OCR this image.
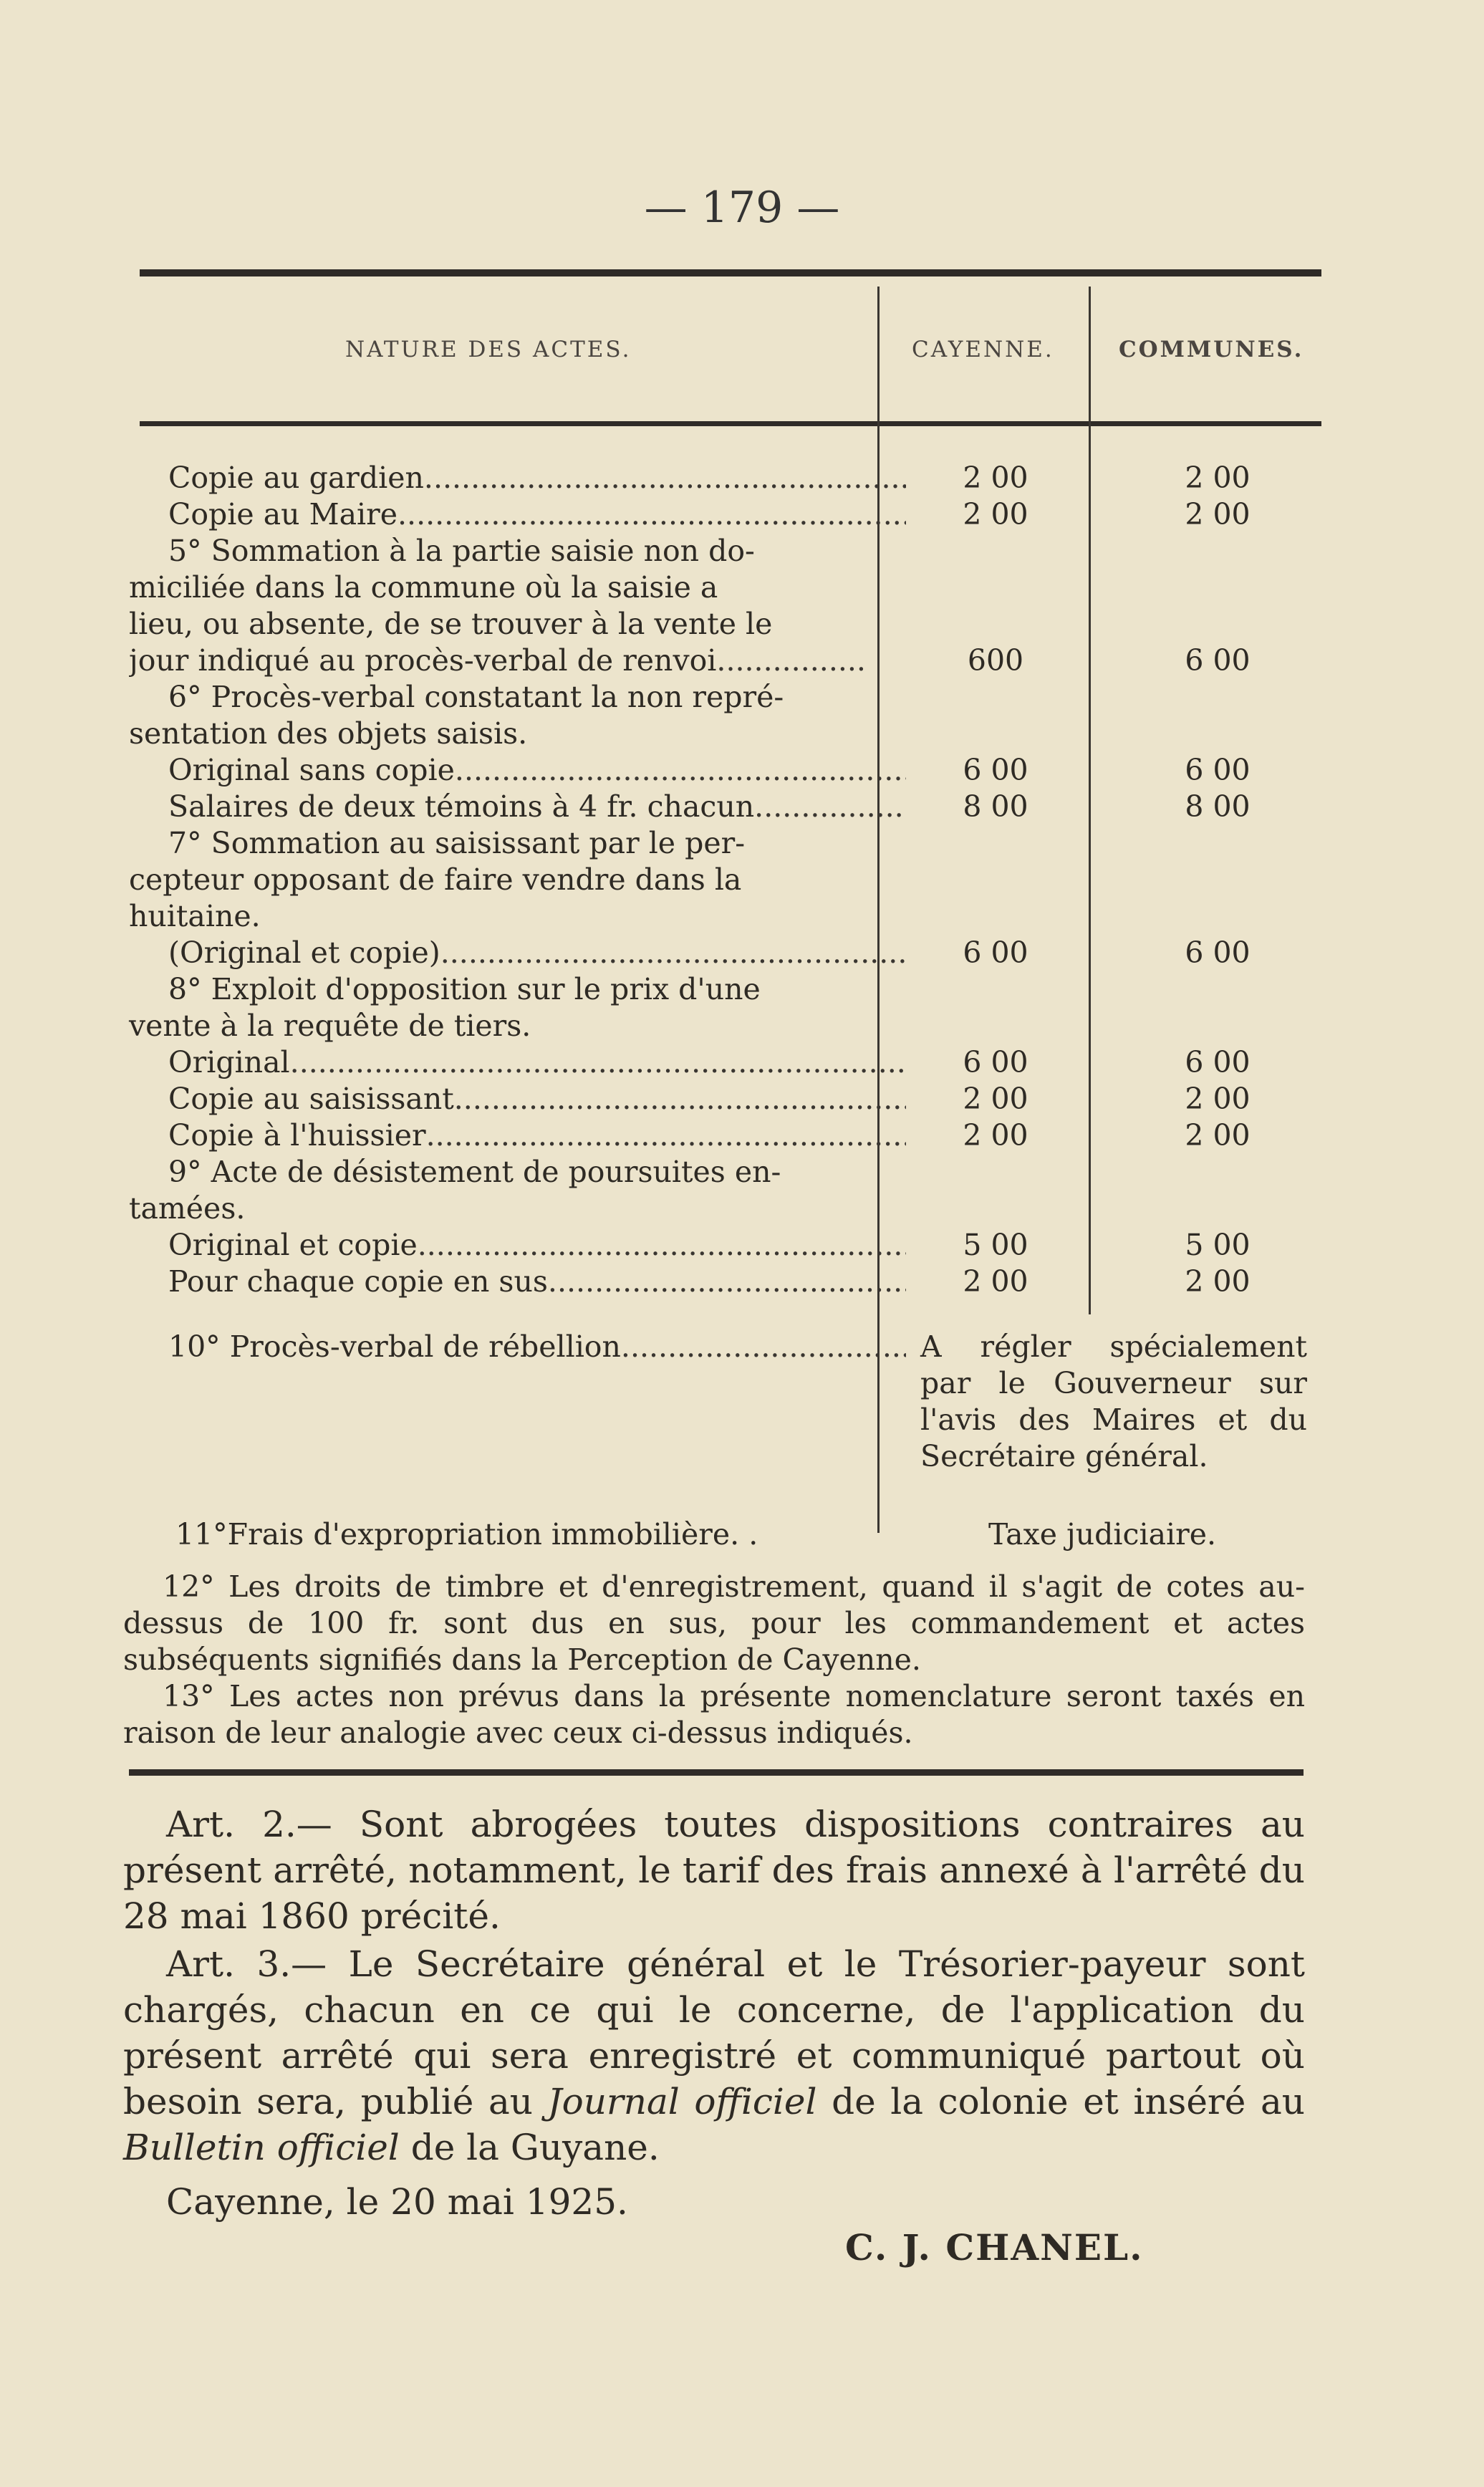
— 179 —
NATURE DES ACTES.	CAYENNE.	COMMUNES.
Copie au gardien .....	2 00	2 00
Copie au Maire .....	2 00	2 00
5° Sommation à la partie saisie non do-
miciliée dans la commune où la saisie a
lieu, ou absente, de se trouver à la vente le
jour indiqué au procès-verbal de renvoi .....	600	6 00
6° Procès-verbal constatant la non repré-
sentation des objets saisis.
Original sans copie .....	6 00	6 00
Salaires de deux témoins à 4 fr. chacun .....	8 00	8 00
7° Sommation au saisissant par le per-
cepteur opposant de faire vendre dans la
huitaine.
(Original et copie) .....	6 00	6 00
8° Exploit d'opposition sur le prix d'une
vente à la requête de tiers.
Original .....	6 00	6 00
Copie au saisissant .....	2 00	2 00
Copie à l'huissier .....	2 00	2 00
9° Acte de désistement de poursuites en-
tamées.
Original et copie .....	5 00	5 00
Pour chaque copie en sus .....	2 00	2 00
10° Procès-verbal de rébellion .....	A régler spécialement par le Gouverneur sur l'avis des Maires et du Secrétaire général.
11°Frais d'expropriation immobilière. .	Taxe judiciaire.
12° Les droits de timbre et d'enregistrement, quand il s'agit de cotes au-dessus de 100 fr. sont dus en sus, pour les commandement et actes subséquents signifiés dans la Perception de Cayenne.
13° Les actes non prévus dans la présente nomenclature seront taxés en raison de leur analogie avec ceux ci-dessus indiqués.
Art. 2.— Sont abrogées toutes dispositions contraires au présent arrêté, notamment, le tarif des frais annexé à l'arrêté du 28 mai 1860 précité.
Art. 3.— Le Secrétaire général et le Trésorier-payeur sont chargés, chacun en ce qui le concerne, de l'application du présent arrêté qui sera enregistré et communiqué partout où besoin sera, publié au Journal officiel de la colonie et inséré au Bulletin officiel de la Guyane.
Cayenne, le 20 mai 1925.
C. J. CHANEL.
